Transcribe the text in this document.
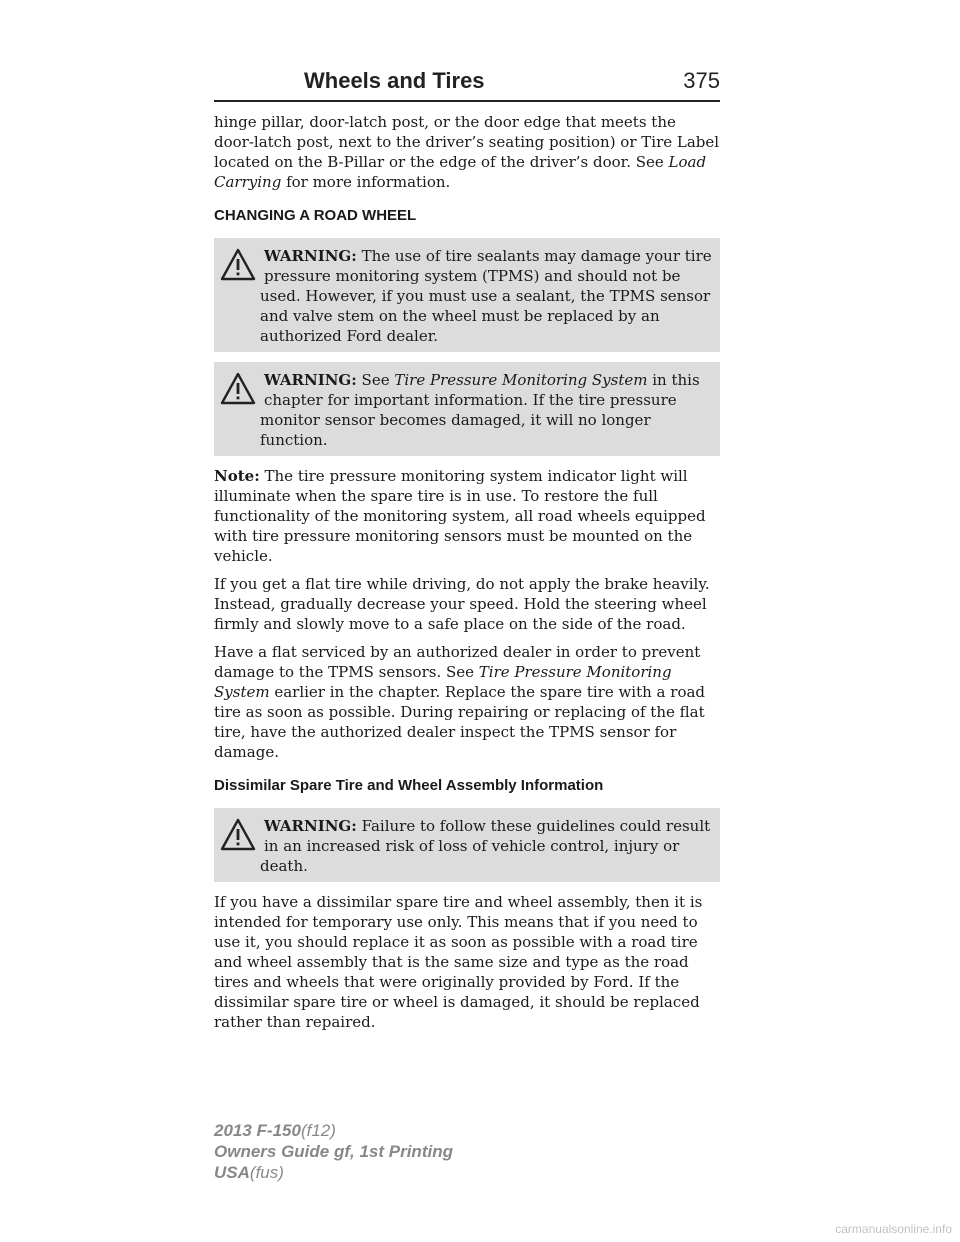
Wheels and Tires	375

hinge pillar, door-latch post, or the door edge that meets the door-latch post, next to the driver’s seating position) or Tire Label located on the B-Pillar or the edge of the driver’s door. See Load Carrying for more information.

CHANGING A ROAD WHEEL
WARNING: The use of tire sealants may damage your tire pressure monitoring system (TPMS) and should not be used. However, if you must use a sealant, the TPMS sensor and valve stem on the wheel must be replaced by an authorized Ford dealer.
WARNING: See Tire Pressure Monitoring System in this chapter for important information. If the tire pressure monitor sensor becomes damaged, it will no longer function.

Note: The tire pressure monitoring system indicator light will illuminate when the spare tire is in use. To restore the full functionality of the monitoring system, all road wheels equipped with tire pressure monitoring sensors must be mounted on the vehicle.

If you get a flat tire while driving, do not apply the brake heavily. Instead, gradually decrease your speed. Hold the steering wheel firmly and slowly move to a safe place on the side of the road.

Have a flat serviced by an authorized dealer in order to prevent damage to the TPMS sensors. See Tire Pressure Monitoring System earlier in the chapter. Replace the spare tire with a road tire as soon as possible. During repairing or replacing of the flat tire, have the authorized dealer inspect the TPMS sensor for damage.

Dissimilar Spare Tire and Wheel Assembly Information
WARNING: Failure to follow these guidelines could result in an increased risk of loss of vehicle control, injury or death.

If you have a dissimilar spare tire and wheel assembly, then it is intended for temporary use only. This means that if you need to use it, you should replace it as soon as possible with a road tire and wheel assembly that is the same size and type as the road tires and wheels that were originally provided by Ford. If the dissimilar spare tire or wheel is damaged, it should be replaced rather than repaired.

2013 F-150(f12)
Owners Guide gf, 1st Printing
USA(fus)
carmanualsonline.info
